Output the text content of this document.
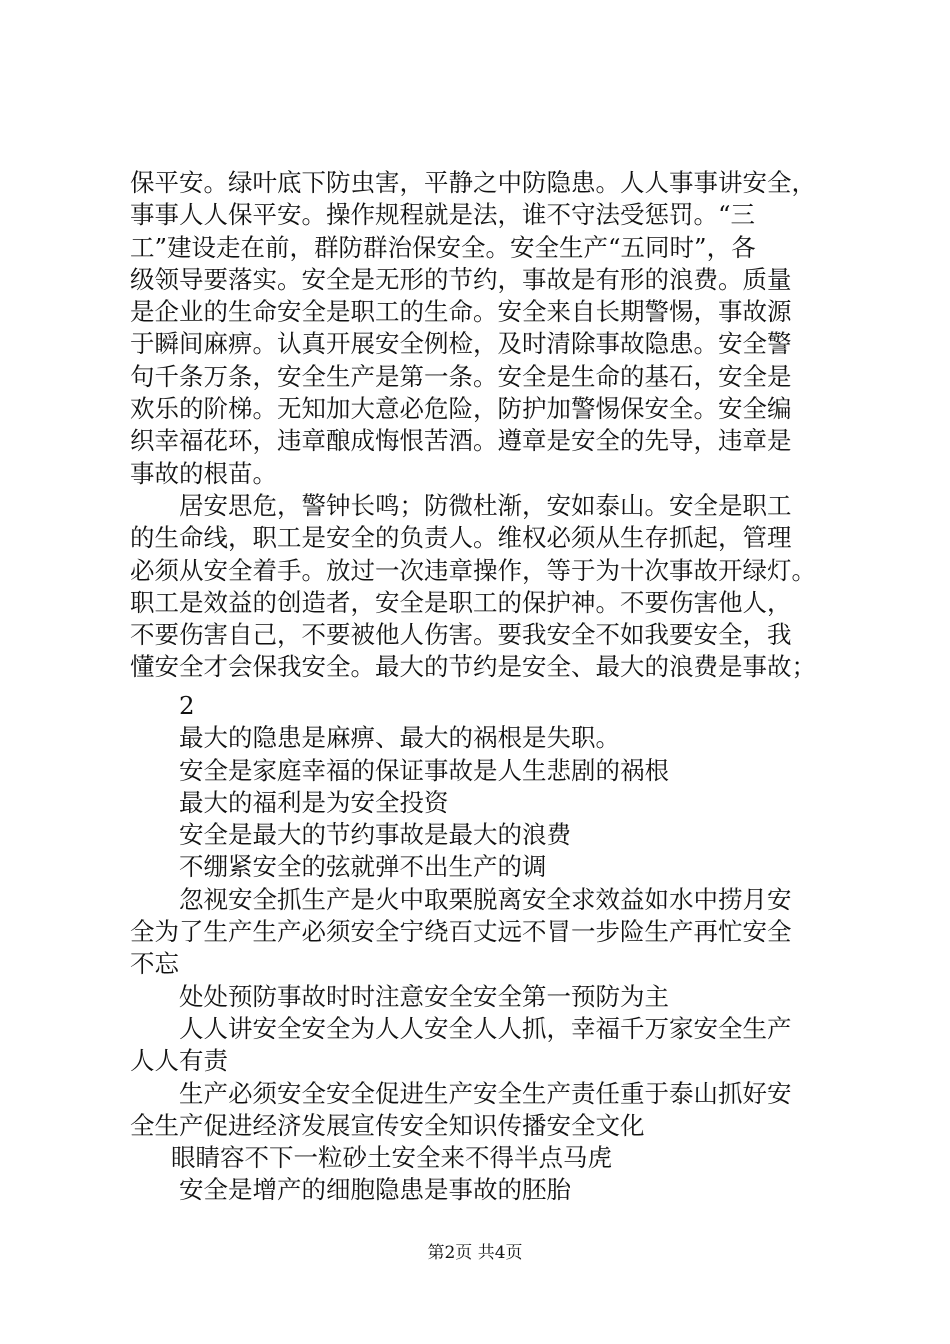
保平安。绿叶底下防虫害，平静之中防隐患。人人事事讲安全，
事事人人保平安。操作规程就是法，谁不守法受惩罚。“三
工”建设走在前，群防群治保安全。安全生产“五同时”，各
级领导要落实。安全是无形的节约，事故是有形的浪费。质量
是企业的生命安全是职工的生命。安全来自长期警惕，事故源
于瞬间麻痹。认真开展安全例检，及时清除事故隐患。安全警
句千条万条，安全生产是第一条。安全是生命的基石，安全是
欢乐的阶梯。无知加大意必危险，防护加警惕保安全。安全编
织幸福花环，违章酿成悔恨苦酒。遵章是安全的先导，违章是
事故的根苗。
居安思危，警钟长鸣；防微杜渐，安如泰山。安全是职工
的生命线，职工是安全的负责人。维权必须从生存抓起，管理
必须从安全着手。放过一次违章操作，等于为十次事故开绿灯。
职工是效益的创造者，安全是职工的保护神。不要伤害他人，
不要伤害自己，不要被他人伤害。要我安全不如我要安全，我
懂安全才会保我安全。最大的节约是安全、最大的浪费是事故；
2
最大的隐患是麻痹、最大的祸根是失职。
安全是家庭幸福的保证事故是人生悲剧的祸根
最大的福利是为安全投资
安全是最大的节约事故是最大的浪费
不绷紧安全的弦就弹不出生产的调
忽视安全抓生产是火中取栗脱离安全求效益如水中捞月安
全为了生产生产必须安全宁绕百丈远不冒一步险生产再忙安全
不忘
处处预防事故时时注意安全安全第一预防为主
人人讲安全安全为人人安全人人抓，幸福千万家安全生产
人人有责
生产必须安全安全促进生产安全生产责任重于泰山抓好安
全生产促进经济发展宣传安全知识传播安全文化
眼睛容不下一粒砂土安全来不得半点马虎
安全是增产的细胞隐患是事故的胚胎
第2页 共4页
